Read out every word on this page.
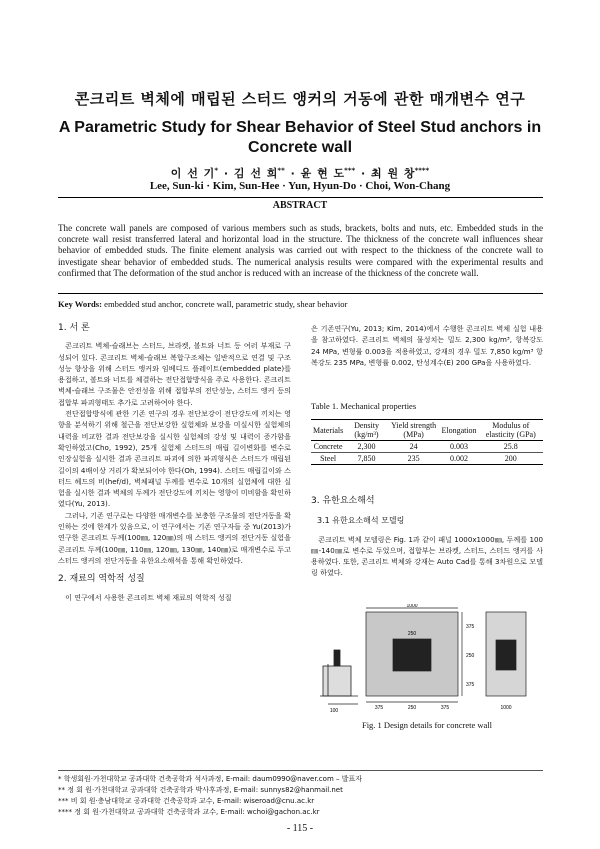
콘크리트 벽체에 매립된 스터드 앵커의 거동에 관한 매개변수 연구
A Parametric Study for Shear Behavior of Steel Stud anchors in Concrete wall
이 선 기* · 김 선 희** · 윤 현 도*** · 최 원 창****
Lee, Sun-ki · Kim, Sun-Hee · Yun, Hyun-Do · Choi, Won-Chang
ABSTRACT
The concrete wall panels are composed of various members such as studs, brackets, bolts and nuts, etc. Embedded studs in the concrete wall resist transferred lateral and horizontal load in the structure. The thickness of the concrete wall influences shear behavior of embedded studs. The finite element analysis was carried out with respect to the thickness of the concrete wall to investigate shear behavior of embedded studs. The numerical analysis results were compared with the experimental results and confirmed that The deformation of the stud anchor is reduced with an increase of the thickness of the concrete wall.
Key Words: embedded stud anchor, concrete wall, parametric study, shear behavior
1. 서 론

콘크리트 벽체-슬래브는 스터드, 브라켓, 볼트와 너트 등 여러 부재로 구성되어 있다. 콘크리트 벽체-슬래브 복합구조체는 일반적으로 연결 및 구조성능 향상을 위해 스터드 앵커와 임베디드 플레이트(embedded plate)를 용접하고, 볼트와 너트를 체결하는 전단접합방식을 주로 사용한다. 콘크리트 벽체-슬래브 구조물은 안전성을 위해 접합부의 전단성능, 스터드 앵커 등의 접합부 파괴형태도 추가로 고려하여야 한다.

전단접합방식에 관한 기존 연구의 경우 전단보강이 전단강도에 끼치는 영향을 분석하기 위해 철근을 전단보강한 실험체와 보강을 미실시한 실험체의 내력을 비교한 결과 전단보강을 실시한 실험체의 강성 및 내력이 증가함을 확인하였고(Cho, 1992), 25개 실험체 스터드의 매립 길이변화를 변수로 인장실험을 실시한 결과 콘크리트 파괴에 의한 파괴형식은 스터드가 매립된 길이의 4배이상 거리가 확보되어야 한다(Oh, 1994). 스터드 매립길이와 스터드 헤드의 비(hef/d), 벽체패널 두께를 변수로 10개의 실험체에 대한 실험을 실시한 결과 벽체의 두께가 전단강도에 끼치는 영향이 미비함을 확인하였다(Yu, 2013).

그러나, 기존 연구로는 다양한 매개변수를 보충한 구조물의 전단거동을 확인하는 것에 한계가 있음으로, 이 연구에서는 기존 연구자들 중 Yu(2013)가 연구한 콘크리트 두께(100㎜, 120㎜)의 매 스터드 앵커의 전단거동 실험을 콘크리트 두께(100㎜, 110㎜, 120㎜, 130㎜, 140㎜)로 매개변수로 두고 스터드 앵커의 전단거동을 유한요소해석을 통해 확인하였다.

2. 재료의 역학적 성질

이 연구에서 사용한 콘크리트 벽체 재료의 역학적 성질

은 기존연구(Yu, 2013; Kim, 2014)에서 수행한 콘크리트 벽체 실험 내용을 참고하였다. 콘크리트 벽체의 물성치는 밀도 2,300 kg/m³, 항복강도 24 MPa, 변형률 0.003을 적용하였고, 강재의 경우 밀도 7,850 kg/m³ 항복강도 235 MPa, 변형률 0.002, 탄성계수(E) 200 GPa을 사용하였다.

Table 1. Mechanical properties
Materials	Density (kg/m³)	Yield strength (MPa)	Elongation	Modulus of elasticity (GPa)
Concrete	2,300	24	0.003	25.8
Steel	7,850	235	0.002	200
3. 유한요소해석
3.1 유한요소해석 모델링

콘크리트 벽체 모델링은 Fig. 1과 같이 패널 1000x1000㎜, 두께를 100㎜-140㎜로 변수로 두었으며, 접합부는 브라켓, 스터드, 스터드 앵커를 사용하였다. 또한, 콘크리트 벽체와 강재는 Auto Cad를 통해 3차원으로 모델링 하였다.

100
1000
375
250
375
250
375	250	375	1000
Fig. 1 Design details for concrete wall
* 학생회원·가천대학교 공과대학 건축공학과 석사과정, E-mail: daum0990@naver.com – 발표자
** 정 회 원·가천대학교 공과대학 건축공학과 박사후과정, E-mail: sunnys82@hanmail.net
*** 비 회 원·충남대학교 공과대학 건축공학과 교수, E-mail: wiseroad@cnu.ac.kr
**** 정 회 원·가천대학교 공과대학 건축공학과 교수, E-mail: wchoi@gachon.ac.kr
- 115 -
